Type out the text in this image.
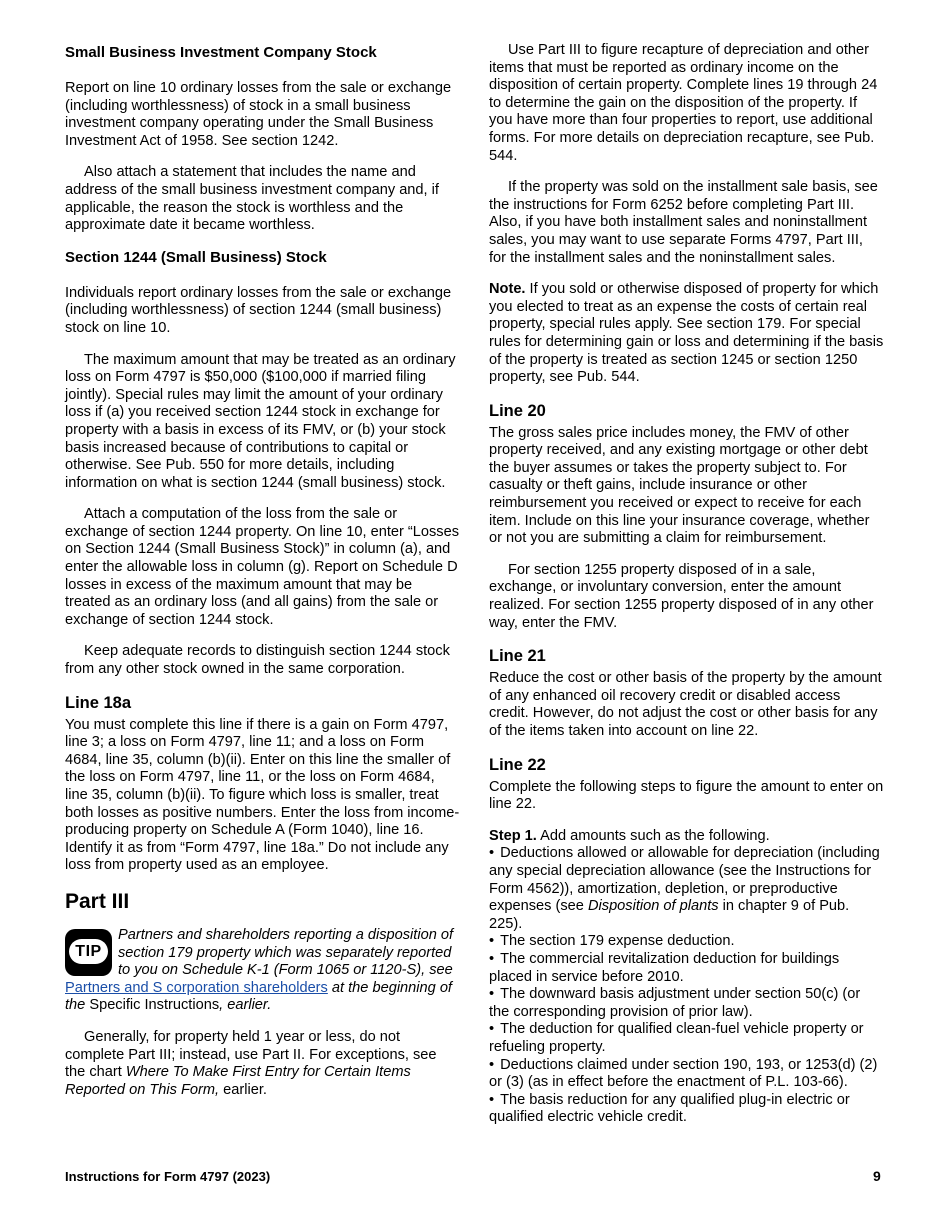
Small Business Investment Company Stock

Report on line 10 ordinary losses from the sale or exchange (including worthlessness) of stock in a small business investment company operating under the Small Business Investment Act of 1958. See section 1242.

Also attach a statement that includes the name and address of the small business investment company and, if applicable, the reason the stock is worthless and the approximate date it became worthless.

Section 1244 (Small Business) Stock

Individuals report ordinary losses from the sale or exchange (including worthlessness) of section 1244 (small business) stock on line 10.

The maximum amount that may be treated as an ordinary loss on Form 4797 is $50,000 ($100,000 if married filing jointly). Special rules may limit the amount of your ordinary loss if (a) you received section 1244 stock in exchange for property with a basis in excess of its FMV, or (b) your stock basis increased because of contributions to capital or otherwise. See Pub. 550 for more details, including information on what is section 1244 (small business) stock.

Attach a computation of the loss from the sale or exchange of section 1244 property. On line 10, enter “Losses on Section 1244 (Small Business Stock)” in column (a), and enter the allowable loss in column (g). Report on Schedule D losses in excess of the maximum amount that may be treated as an ordinary loss (and all gains) from the sale or exchange of section 1244 stock.

Keep adequate records to distinguish section 1244 stock from any other stock owned in the same corporation.

Line 18a

You must complete this line if there is a gain on Form 4797, line 3; a loss on Form 4797, line 11; and a loss on Form 4684, line 35, column (b)(ii). Enter on this line the smaller of the loss on Form 4797, line 11, or the loss on Form 4684, line 35, column (b)(ii). To figure which loss is smaller, treat both losses as positive numbers. Enter the loss from income-producing property on Schedule A (Form 1040), line 16. Identify it as from “Form 4797, line 18a.” Do not include any loss from property used as an employee.

Part III
TIP
Partners and shareholders reporting a disposition of section 179 property which was separately reported to you on Schedule K-1 (Form 1065 or 1120-S), see Partners and S corporation shareholders at the beginning of the Specific Instructions, earlier.

Generally, for property held 1 year or less, do not complete Part III; instead, use Part II. For exceptions, see the chart Where To Make First Entry for Certain Items Reported on This Form, earlier.

Use Part III to figure recapture of depreciation and other items that must be reported as ordinary income on the disposition of certain property. Complete lines 19 through 24 to determine the gain on the disposition of the property. If you have more than four properties to report, use additional forms. For more details on depreciation recapture, see Pub. 544.

If the property was sold on the installment sale basis, see the instructions for Form 6252 before completing Part III. Also, if you have both installment sales and noninstallment sales, you may want to use separate Forms 4797, Part III, for the installment sales and the noninstallment sales.

Note. If you sold or otherwise disposed of property for which you elected to treat as an expense the costs of certain real property, special rules apply. See section 179. For special rules for determining gain or loss and determining if the basis of the property is treated as section 1245 or section 1250 property, see Pub. 544.

Line 20

The gross sales price includes money, the FMV of other property received, and any existing mortgage or other debt the buyer assumes or takes the property subject to. For casualty or theft gains, include insurance or other reimbursement you received or expect to receive for each item. Include on this line your insurance coverage, whether or not you are submitting a claim for reimbursement.

For section 1255 property disposed of in a sale, exchange, or involuntary conversion, enter the amount realized. For section 1255 property disposed of in any other way, enter the FMV.

Line 21

Reduce the cost or other basis of the property by the amount of any enhanced oil recovery credit or disabled access credit. However, do not adjust the cost or other basis for any of the items taken into account on line 22.

Line 22

Complete the following steps to figure the amount to enter on line 22.

Step 1. Add amounts such as the following.

• Deductions allowed or allowable for depreciation (including any special depreciation allowance (see the Instructions for Form 4562)), amortization, depletion, or preproductive expenses (see Disposition of plants in chapter 9 of Pub. 225).

• The section 179 expense deduction.

• The commercial revitalization deduction for buildings placed in service before 2010.

• The downward basis adjustment under section 50(c) (or the corresponding provision of prior law).

• The deduction for qualified clean-fuel vehicle property or refueling property.

• Deductions claimed under section 190, 193, or 1253(d) (2) or (3) (as in effect before the enactment of P.L. 103-66).

• The basis reduction for any qualified plug-in electric or qualified electric vehicle credit.

Instructions for Form 4797 (2023)	9
